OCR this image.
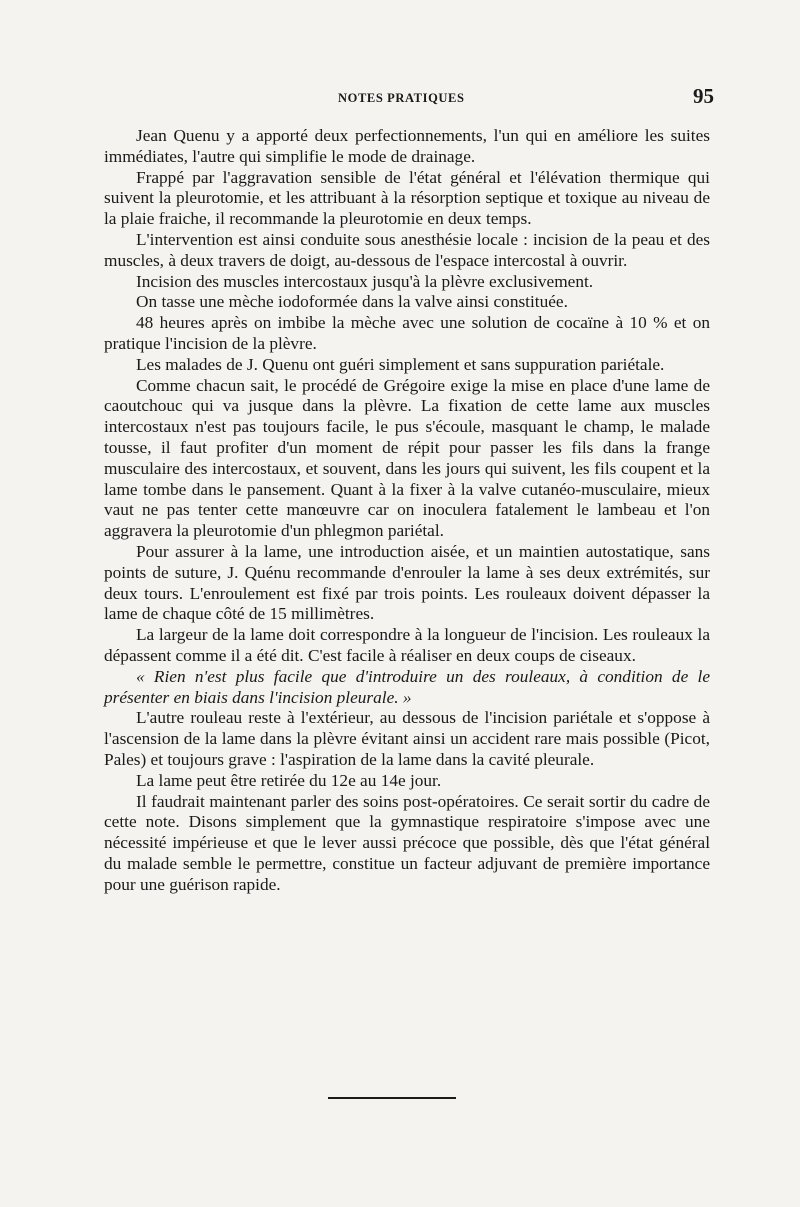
NOTES PRATIQUES	95

Jean Quenu y a apporté deux perfectionnements, l'un qui en améliore les suites immédiates, l'autre qui simplifie le mode de drainage.

Frappé par l'aggravation sensible de l'état général et l'élévation thermique qui suivent la pleurotomie, et les attribuant à la résorption septique et toxique au niveau de la plaie fraiche, il recommande la pleurotomie en deux temps.

L'intervention est ainsi conduite sous anesthésie locale : incision de la peau et des muscles, à deux travers de doigt, au-dessous de l'espace intercostal à ouvrir.

Incision des muscles intercostaux jusqu'à la plèvre exclusivement.

On tasse une mèche iodoformée dans la valve ainsi constituée.

48 heures après on imbibe la mèche avec une solution de cocaïne à 10 % et on pratique l'incision de la plèvre.

Les malades de J. Quenu ont guéri simplement et sans suppuration pariétale.

Comme chacun sait, le procédé de Grégoire exige la mise en place d'une lame de caoutchouc qui va jusque dans la plèvre. La fixation de cette lame aux muscles intercostaux n'est pas toujours facile, le pus s'écoule, masquant le champ, le malade tousse, il faut profiter d'un moment de répit pour passer les fils dans la frange musculaire des intercostaux, et souvent, dans les jours qui suivent, les fils coupent et la lame tombe dans le pansement. Quant à la fixer à la valve cutanéo-musculaire, mieux vaut ne pas tenter cette manœuvre car on inoculera fatalement le lambeau et l'on aggravera la pleurotomie d'un phlegmon pariétal.

Pour assurer à la lame, une introduction aisée, et un maintien autostatique, sans points de suture, J. Quénu recommande d'enrouler la lame à ses deux extrémités, sur deux tours. L'enroulement est fixé par trois points. Les rouleaux doivent dépasser la lame de chaque côté de 15 millimètres.

La largeur de la lame doit correspondre à la longueur de l'incision. Les rouleaux la dépassent comme il a été dit. C'est facile à réaliser en deux coups de ciseaux.

« Rien n'est plus facile que d'introduire un des rouleaux, à condition de le présenter en biais dans l'incision pleurale. »

L'autre rouleau reste à l'extérieur, au dessous de l'incision pariétale et s'oppose à l'ascension de la lame dans la plèvre évitant ainsi un accident rare mais possible (Picot, Pales) et toujours grave : l'aspiration de la lame dans la cavité pleurale.

La lame peut être retirée du 12e au 14e jour.

Il faudrait maintenant parler des soins post-opératoires. Ce serait sortir du cadre de cette note. Disons simplement que la gymnastique respiratoire s'impose avec une nécessité impérieuse et que le lever aussi précoce que possible, dès que l'état général du malade semble le permettre, constitue un facteur adjuvant de première importance pour une guérison rapide.
